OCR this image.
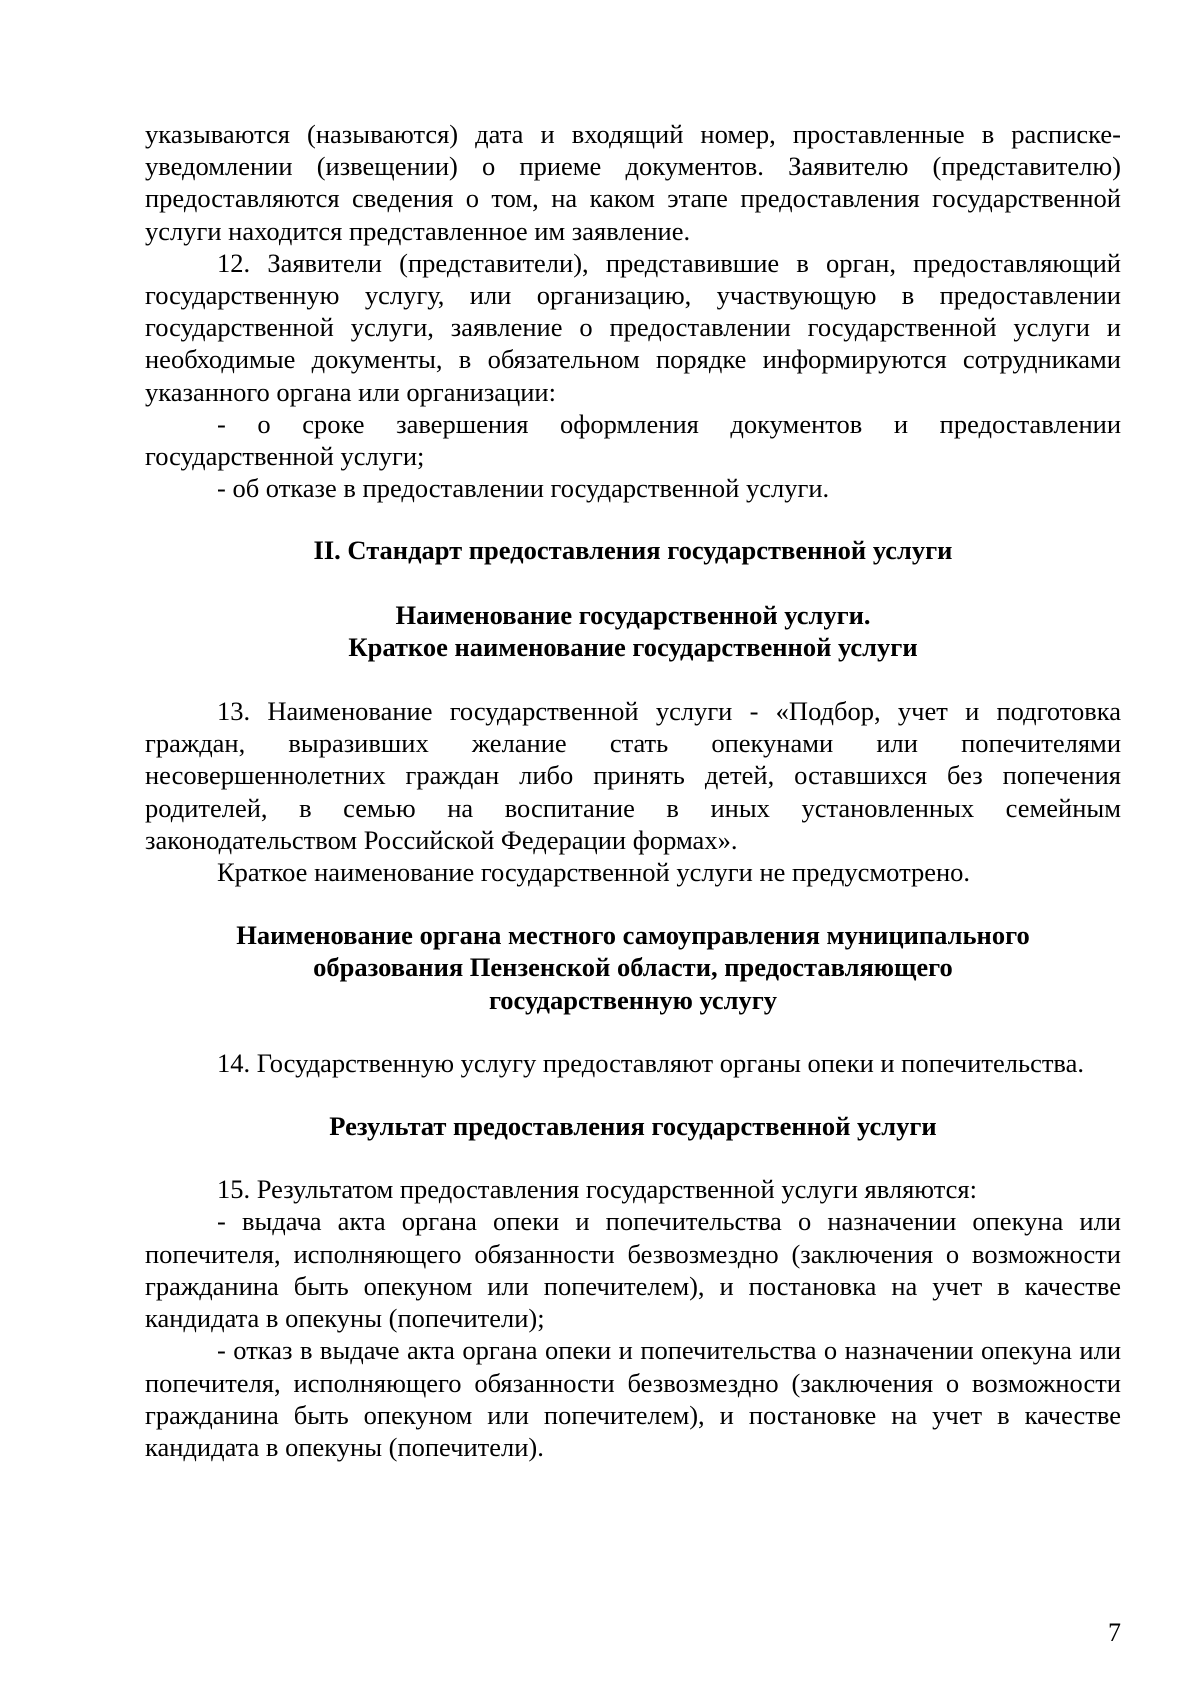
указываются (называются) дата и входящий номер, проставленные в расписке-уведомлении (извещении) о приеме документов. Заявителю (представителю) предоставляются сведения о том, на каком этапе предоставления государственной услуги находится представленное им заявление.

12. Заявители (представители), представившие в орган, предоставляющий государственную услугу, или организацию, участвующую в предоставлении государственной услуги, заявление о предоставлении государственной услуги и необходимые документы, в обязательном порядке информируются сотрудниками указанного органа или организации:

- о сроке завершения оформления документов и предоставлении государственной услуги;

- об отказе в предоставлении государственной услуги.

II. Стандарт предоставления государственной услуги

Наименование государственной услуги.

Краткое наименование государственной услуги

13. Наименование государственной услуги - «Подбор, учет и подготовка граждан, выразивших желание стать опекунами или попечителями несовершеннолетних граждан либо принять детей, оставшихся без попечения родителей, в семью на воспитание в иных установленных семейным законодательством Российской Федерации формах».

Краткое наименование государственной услуги не предусмотрено.

Наименование органа местного самоуправления муниципального

образования Пензенской области, предоставляющего

государственную услугу

14. Государственную услугу предоставляют органы опеки и попечительства.

Результат предоставления государственной услуги

15. Результатом предоставления государственной услуги являются:

- выдача акта органа опеки и попечительства о назначении опекуна или попечителя, исполняющего обязанности безвозмездно (заключения о возможности гражданина быть опекуном или попечителем), и постановка на учет в качестве кандидата в опекуны (попечители);

- отказ в выдаче акта органа опеки и попечительства о назначении опекуна или попечителя, исполняющего обязанности безвозмездно (заключения о возможности гражданина быть опекуном или попечителем), и постановке на учет в качестве кандидата в опекуны (попечители).

7
